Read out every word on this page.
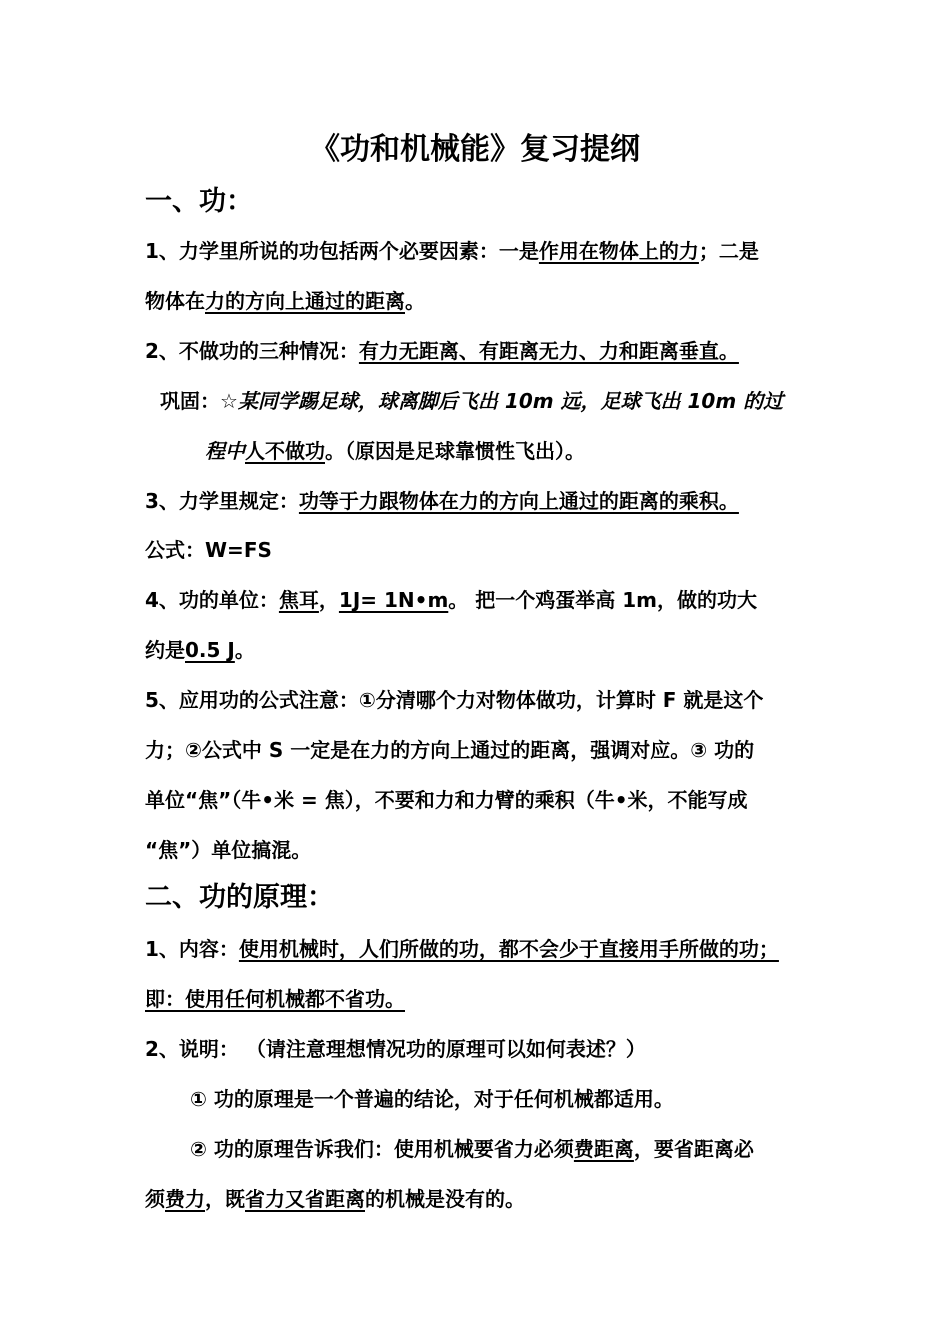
《功和机械能》复习提纲
一、功：
1、力学里所说的功包括两个必要因素：一是作用在物体上的力；二是
物体在力的方向上通过的距离。
2、不做功的三种情况：有力无距离、有距离无力、力和距离垂直。
巩固：☆某同学踢足球，球离脚后飞出 10m 远，足球飞出 10m 的过
程中人不做功。（原因是足球靠惯性飞出）。
3、力学里规定：功等于力跟物体在力的方向上通过的距离的乘积。
公式：W=FS
4、功的单位：焦耳，1J= 1N•m。 把一个鸡蛋举高 1m，做的功大
约是0.5 J。
5、应用功的公式注意：①分清哪个力对物体做功，计算时 F 就是这个
力；②公式中 S 一定是在力的方向上通过的距离，强调对应。③ 功的
单位“焦”（牛•米 = 焦），不要和力和力臂的乘积（牛•米，不能写成
“焦”）单位搞混。
二、功的原理：
1、内容：使用机械时，人们所做的功，都不会少于直接用手所做的功；
即：使用任何机械都不省功。
2、说明： （请注意理想情况功的原理可以如何表述？）
① 功的原理是一个普遍的结论，对于任何机械都适用。
② 功的原理告诉我们：使用机械要省力必须费距离，要省距离必
须费力，既省力又省距离的机械是没有的。
